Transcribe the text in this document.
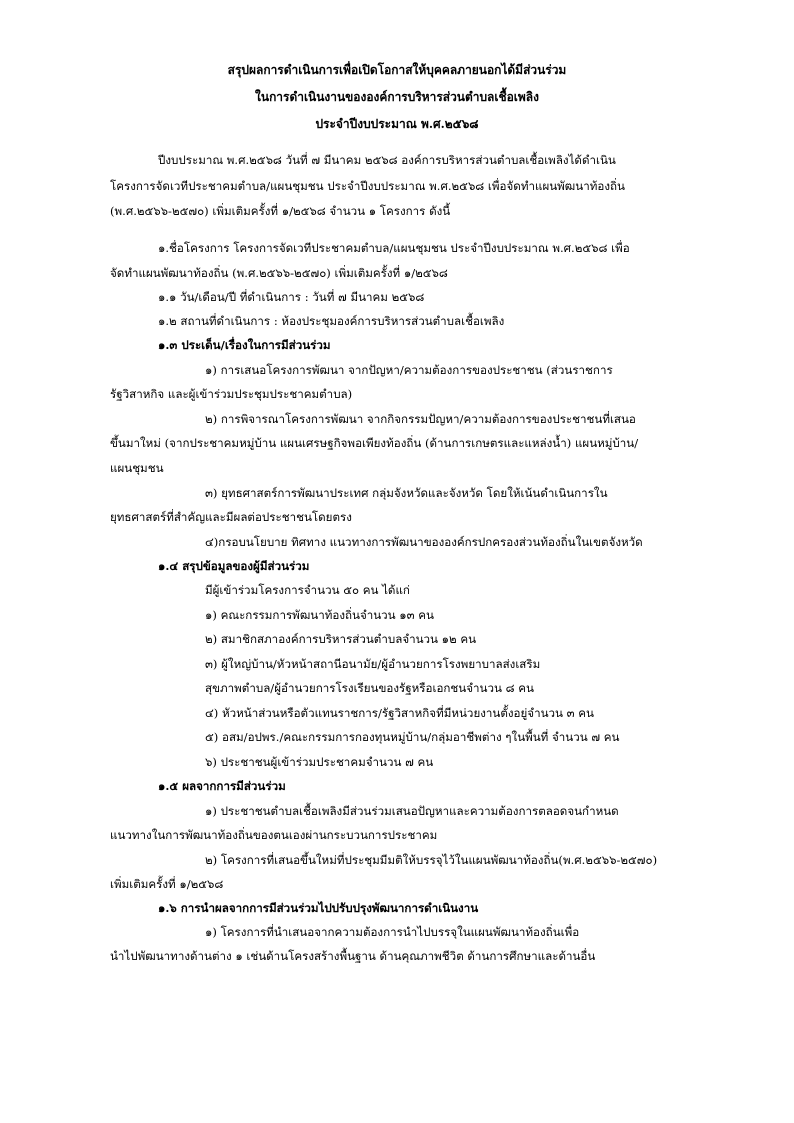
สรุปผลการดำเนินการเพื่อเปิดโอกาสให้บุคคลภายนอกได้มีส่วนร่วม
ในการดำเนินงานขององค์การบริหารส่วนตำบลเชื้อเพลิง
ประจำปีงบประมาณ พ.ศ.๒๕๖๘
ปีงบประมาณ พ.ศ.๒๕๖๘ วันที่ ๗ มีนาคม ๒๕๖๘ องค์การบริหารส่วนตำบลเชื้อเพลิงได้ดำเนิน
โครงการจัดเวทีประชาคมตำบล/แผนชุมชน ประจำปีงบประมาณ พ.ศ.๒๕๖๘ เพื่อจัดทำแผนพัฒนาท้องถิ่น
(พ.ศ.๒๕๖๖-๒๕๗๐) เพิ่มเติมครั้งที่ ๑/๒๕๖๘ จำนวน ๑ โครงการ ดังนี้
๑.ชื่อโครงการ โครงการจัดเวทีประชาคมตำบล/แผนชุมชน ประจำปีงบประมาณ พ.ศ.๒๕๖๘ เพื่อ
จัดทำแผนพัฒนาท้องถิ่น (พ.ศ.๒๕๖๖-๒๕๗๐) เพิ่มเติมครั้งที่ ๑/๒๕๖๘
๑.๑ วัน/เดือน/ปี ที่ดำเนินการ : วันที่ ๗ มีนาคม ๒๕๖๘
๑.๒ สถานที่ดำเนินการ : ห้องประชุมองค์การบริหารส่วนตำบลเชื้อเพลิง
๑.๓ ประเด็น/เรื่องในการมีส่วนร่วม
๑) การเสนอโครงการพัฒนา จากปัญหา/ความต้องการของประชาชน (ส่วนราชการ
รัฐวิสาหกิจ และผู้เข้าร่วมประชุมประชาคมตำบล)
๒) การพิจารณาโครงการพัฒนา จากกิจกรรมปัญหา/ความต้องการของประชาชนที่เสนอ
ขึ้นมาใหม่ (จากประชาคมหมู่บ้าน แผนเศรษฐกิจพอเพียงท้องถิ่น (ด้านการเกษตรและแหล่งน้ำ) แผนหมู่บ้าน/
แผนชุมชน
๓) ยุทธศาสตร์การพัฒนาประเทศ กลุ่มจังหวัดและจังหวัด โดยให้เน้นดำเนินการใน
ยุทธศาสตร์ที่สำคัญและมีผลต่อประชาชนโดยตรง
๔)กรอบนโยบาย ทิศทาง แนวทางการพัฒนาขององค์กรปกครองส่วนท้องถิ่นในเขตจังหวัด
๑.๔ สรุปข้อมูลของผู้มีส่วนร่วม
มีผู้เข้าร่วมโครงการจำนวน ๕๐ คน ได้แก่
๑) คณะกรรมการพัฒนาท้องถิ่นจำนวน ๑๓ คน
๒) สมาชิกสภาองค์การบริหารส่วนตำบลจำนวน ๑๒ คน
๓) ผู้ใหญ่บ้าน/หัวหน้าสถานีอนามัย/ผู้อำนวยการโรงพยาบาลส่งเสริม
สุขภาพตำบล/ผู้อำนวยการโรงเรียนของรัฐหรือเอกชนจำนวน ๘ คน
๔) หัวหน้าส่วนหรือตัวแทนราชการ/รัฐวิสาหกิจที่มีหน่วยงานตั้งอยู่จำนวน ๓ คน
๕) อสม/อปพร./คณะกรรมการกองทุนหมู่บ้าน/กลุ่มอาชีพต่าง ๆในพื้นที่ จำนวน ๗ คน
๖) ประชาชนผู้เข้าร่วมประชาคมจำนวน ๗ คน
๑.๕ ผลจากการมีส่วนร่วม
๑) ประชาชนตำบลเชื้อเพลิงมีส่วนร่วมเสนอปัญหาและความต้องการตลอดจนกำหนด
แนวทางในการพัฒนาท้องถิ่นของตนเองผ่านกระบวนการประชาคม
๒) โครงการที่เสนอขึ้นใหม่ที่ประชุมมีมติให้บรรจุไว้ในแผนพัฒนาท้องถิ่น(พ.ศ.๒๕๖๖-๒๕๗๐)
เพิ่มเติมครั้งที่ ๑/๒๕๖๘
๑.๖ การนำผลจากการมีส่วนร่วมไปปรับปรุงพัฒนาการดำเนินงาน
๑) โครงการที่นำเสนอจากความต้องการนำไปบรรจุในแผนพัฒนาท้องถิ่นเพื่อ
นำไปพัฒนาทางด้านต่าง ๑ เช่นด้านโครงสร้างพื้นฐาน ด้านคุณภาพชีวิต ด้านการศึกษาและด้านอื่น
